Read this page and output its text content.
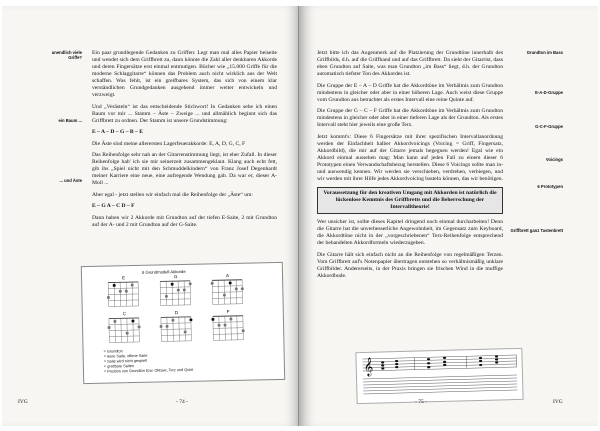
unendlich viele Griffe?
ein Baum ...
... und Äste

Ein paar grundlegende Gedanken zu Griffen: Legt man mal alles Papier beiseite und wendet sich dem Griffbrett zu, dann könnte die Zahl aller denkbaren Akkorde und deren Fingersätze erst einmal entmutigen. Bücher wie „15.000 Griffe für die moderne Schlaggitarre“ können das Problem auch nicht wirklich aus der Welt schaffen. Was fehlt, ist ein greifbares System, das sich von einem klar verständlichen Grundgedanken ausgehend immer weiter entwickeln und verzweigt.

Und „Verästeln“ ist das entscheidende Stichwort! In Gedanken sehe ich einen Baum vor mir ... Stamm – Äste – Zweige ... und allmählich beginnt sich das Griffbrett zu ordnen. Der Stamm ist unsere Grundstimmung:

E – A – D – G – B – E

Die Äste sind meine allerersten Lagerfeuerakkorde: E, A, D, G, C, F

Das Reihenfolge sehr nah an der Gitarrenstimmung liegt, ist eher Zufall. In dieser Reihenfolge hab' ich sie mir seinerzeit zusammengeklaut. Klang auch echt fett, gib ihs „Spiel nicht mit den Schmuddelkindern“ von Franz Josef Degenhardt meiner Karriere eine neue, eine aufregende Wendung gab. Da war er, dieser A-Moll ...

Aber egal - jetzt stellen wir einfach mal die Reihenfolge der „Äste“ um:

E – G A – C D – F

Dann haben wir 2 Akkorde mit Grundton auf der tiefen E-Saite, 2 mit Grundton auf der A- und 2 mit Grundton auf der G-Saite.

6 Grundmodell Akkorde
E	G	A
C	D	F
= Grundton
= leere Saite, offene Saite
= Saite wird nicht gespielt
= greifbare Saiten
= Position von Grundton bzw. Oktave, Terz und Quint
IVG	- 74 -
Grundton im Bass
E-A-D-Gruppe
G-C-F-Gruppe
Voicings
6 Prototypen
Griffbrett ganz Tastenbrett

Jetzt bitte ich das Augenmerk auf die Platzierung der Grundtöne innerhalb des Griffbilds, d.h. auf die Griffhand und auf das Griffbrett. Da sieht der Gitarrist, dass eben Grundton auf Saite, was man Grundton „im Bass“ liegt, d.h. der Grundton automatisch tiefster Ton des Akkordes ist.

Die Gruppe der E – A – D Griffe hat die Akkordtöne im Verhältnis zum Grundton mindestens in gleicher oder aber in einer höheren Lage. Auch weist diese Gruppe vom Grundton aus betrachtet als erstes Intervall eine reine Quinte auf.

Die Gruppe der G – C – F Griffe hat die Akkordtöne im Verhältnis zum Grundton mindestens in gleicher oder aber in einer tieferen Lage als der Grundton. Als erstes Intervall steht hier jeweils eine große Terz.

Jetzt kommt's: Diese 6 Fingersätze mit ihrer spezifischen Intervallanordnung werden der Einfachheit halber Akkordvoicings (Voicing = Griff, Fingersatz, Akkordbild), die mir auf der Gitarre jemals begegnen werden! Egal wie ein Akkord einmal aussehen mag: Man kann auf jeden Fall zu einem dieser 6 Prototypen einen Verwandschaftsbezug herstellen. Diese 6 Voicings sollte man in- und auswendig kennen. Wir werden sie verschieben, verdrehen, verbiegen, und wir werden mit ihrer Hilfe jedes Akkordvoicing basteln können, das wir benötigen.

Voraussetzung für den kreativen Umgang mit Akkorden ist natürlich die lückenlose Kenntnis des Griffbretts und die Beherrschung der Intervalltheorie!

Wer unsicher ist, sollte dieses Kapitel dringend noch einmal durcharbeiten! Denn die Gitarre hat die unverbesserliche Angewohnheit, im Gegensatz zum Keyboard, die Akkordtöne nicht in der „vorgeschriebenen“ Terz-Reihenfolge entsprechend der behandelten Akkordformeln wiederzugeben.

Die Gitarre hält sich einfach nicht an die Reihenfolge von regelmäßigen Terzen. Vom Griffbrett auf's Notenpapier übertragen entstehen so verhältnismäßig unklare Griffbilder. Andererseits, in der Praxis bringen sie frischen Wind in die muffige Akkordbude.

𝄞
- 75 -	IVG
